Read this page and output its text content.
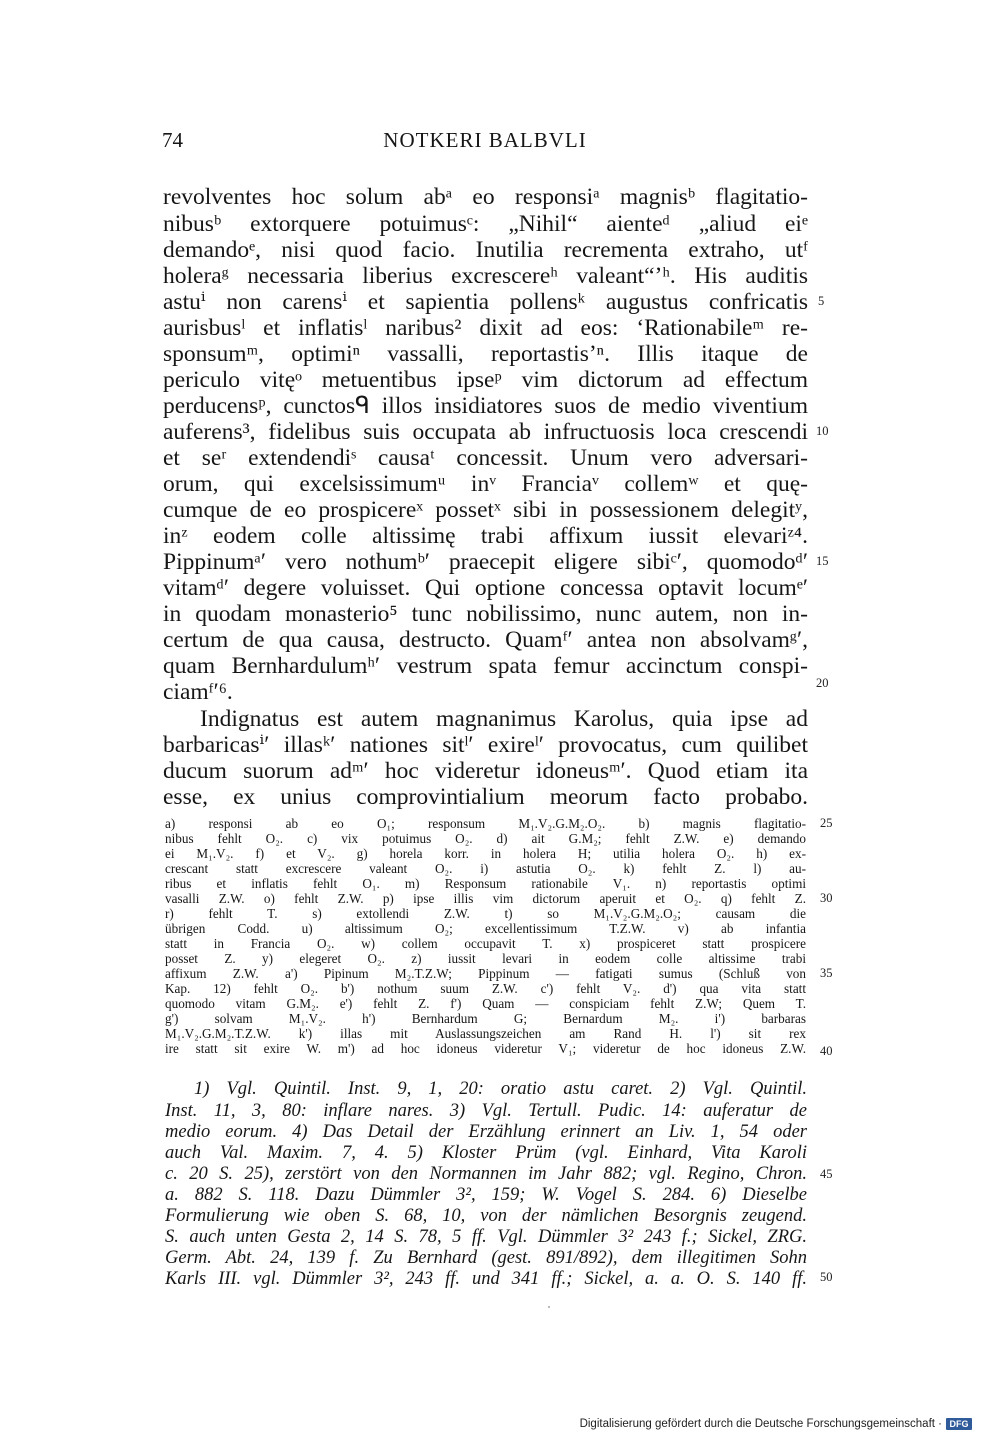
74	NOTKERI BALBVLI
revolventes hoc solum abᵃ eo responsiᵃ magnisᵇ flagitatio-
nibusᵇ extorquere potuimusᶜ: „Nihil“ aienteᵈ „aliud eiᵉ
demandoᵉ, nisi quod facio. Inutilia recrementa extraho, utᶠ
holeraᵍ necessaria liberius excrescereʰ valeant“ʼʰ. His auditis
astuⁱ non carensⁱ et sapientia pollensᵏ augustus confricatis
aurisbusˡ et inflatisˡ naribus² dixit ad eos: ‘Rationabileᵐ re-
sponsumᵐ, optimiⁿ vassalli, reportastis’ⁿ. Illis itaque de
periculo vitęᵒ metuentibus ipseᵖ vim dictorum ad effectum
perducensᵖ, cunctosᑫ illos insidiatores suos de medio viventium
auferens³, fidelibus suis occupata ab infructuosis loca crescendi
et seʳ extendendiˢ causaᵗ concessit. Unum vero adversari-
orum, qui excelsissimumᵘ inᵛ Franciaᵛ collemʷ et quę-
cumque de eo prospicereˣ possetˣ sibi in possessionem delegitʸ,
inᶻ eodem colle altissimę trabi affixum iussit elevariᶻ⁴.
Pippinumᵃʹ vero nothumᵇʹ praecepit eligere sibiᶜʹ, quomodoᵈʹ
vitamᵈʹ degere voluisset. Qui optione concessa optavit locumᵉʹ
in quodam monasterio⁵ tunc nobilissimo, nunc autem, non in-
certum de qua causa, destructo. Quamᶠʹ antea non absolvamᵍʹ,
quam Bernhardulumʰʹ vestrum spata femur accinctum conspi-
ciamᶠʹ⁶.
Indignatus est autem magnanimus Karolus, quia ipse ad
barbaricasⁱʹ illasᵏʹ nationes sitˡʹ exireˡʹ provocatus, cum quilibet
ducum suorum adᵐʹ hoc videretur idoneusᵐʹ. Quod etiam ita
esse, ex unius comprovintialium meorum facto probabo.
5
10
15
20
a) responsi ab eo O₁; responsum M₁.V₂.G.M₂.O₂. b) magnis flagitatio-
nibus fehlt O₂. c) vix potuimus O₂. d) ait G.M₂; fehlt Z.W. e) demando
ei M₁.V₂. f) et V₂. g) horela korr. in holera H; utilia holera O₂. h) ex-
crescant statt excrescere valeant O₂. i) astutia O₂. k) fehlt Z. l) au-
ribus et inflatis fehlt O₁. m) Responsum rationabile V₁. n) reportastis optimi
vasalli Z.W. o) fehlt Z.W. p) ipse illis vim dictorum aperuit et O₂. q) fehlt Z.
r) fehlt T. s) extollendi Z.W. t) so M₁.V₂.G.M₂.O₂; causam die
übrigen Codd. u) altissimum O₂; excellentissimum T.Z.W. v) ab infantia
statt in Francia O₂. w) collem occupavit T. x) prospiceret statt prospicere
posset Z. y) elegeret O₂. z) iussit levari in eodem colle altissime trabi
affixum Z.W. a') Pipinum M₂.T.Z.W; Pippinum — fatigati sumus (Schluß von
Kap. 12) fehlt O₂. b') nothum suum Z.W. c') fehlt V₂. d') qua vita statt
quomodo vitam G.M₂. e') fehlt Z. f') Quam — conspiciam fehlt Z.W; Quem T.
g') solvam M₁.V₂. h') Bernhardum G; Bernardum M₂. i') barbaras
M₁.V₂.G.M₂.T.Z.W. k') illas mit Auslassungszeichen am Rand H. l') sit rex
ire statt sit exire W. m') ad hoc idoneus videretur V₁; videretur de hoc idoneus Z.W.
25
30
35
40
1) Vgl. Quintil. Inst. 9, 1, 20: oratio astu caret. 2) Vgl. Quintil.
Inst. 11, 3, 80: inflare nares. 3) Vgl. Tertull. Pudic. 14: auferatur de
medio eorum. 4) Das Detail der Erzählung erinnert an Liv. 1, 54 oder
auch Val. Maxim. 7, 4. 5) Kloster Prüm (vgl. Einhard, Vita Karoli
c. 20 S. 25), zerstört von den Normannen im Jahr 882; vgl. Regino, Chron.
a. 882 S. 118. Dazu Dümmler 3², 159; W. Vogel S. 284. 6) Dieselbe
Formulierung wie oben S. 68, 10, von der nämlichen Besorgnis zeugend.
S. auch unten Gesta 2, 14 S. 78, 5 ff. Vgl. Dümmler 3² 243 f.; Sickel, ZRG.
Germ. Abt. 24, 139 f. Zu Bernhard (gest. 891/892), dem illegitimen Sohn
Karls III. vgl. Dümmler 3², 243 ff. und 341 ff.; Sickel, a. a. O. S. 140 ff.
45
50
Digitalisierung gefördert durch die Deutsche Forschungsgemeinschaft · DFG
